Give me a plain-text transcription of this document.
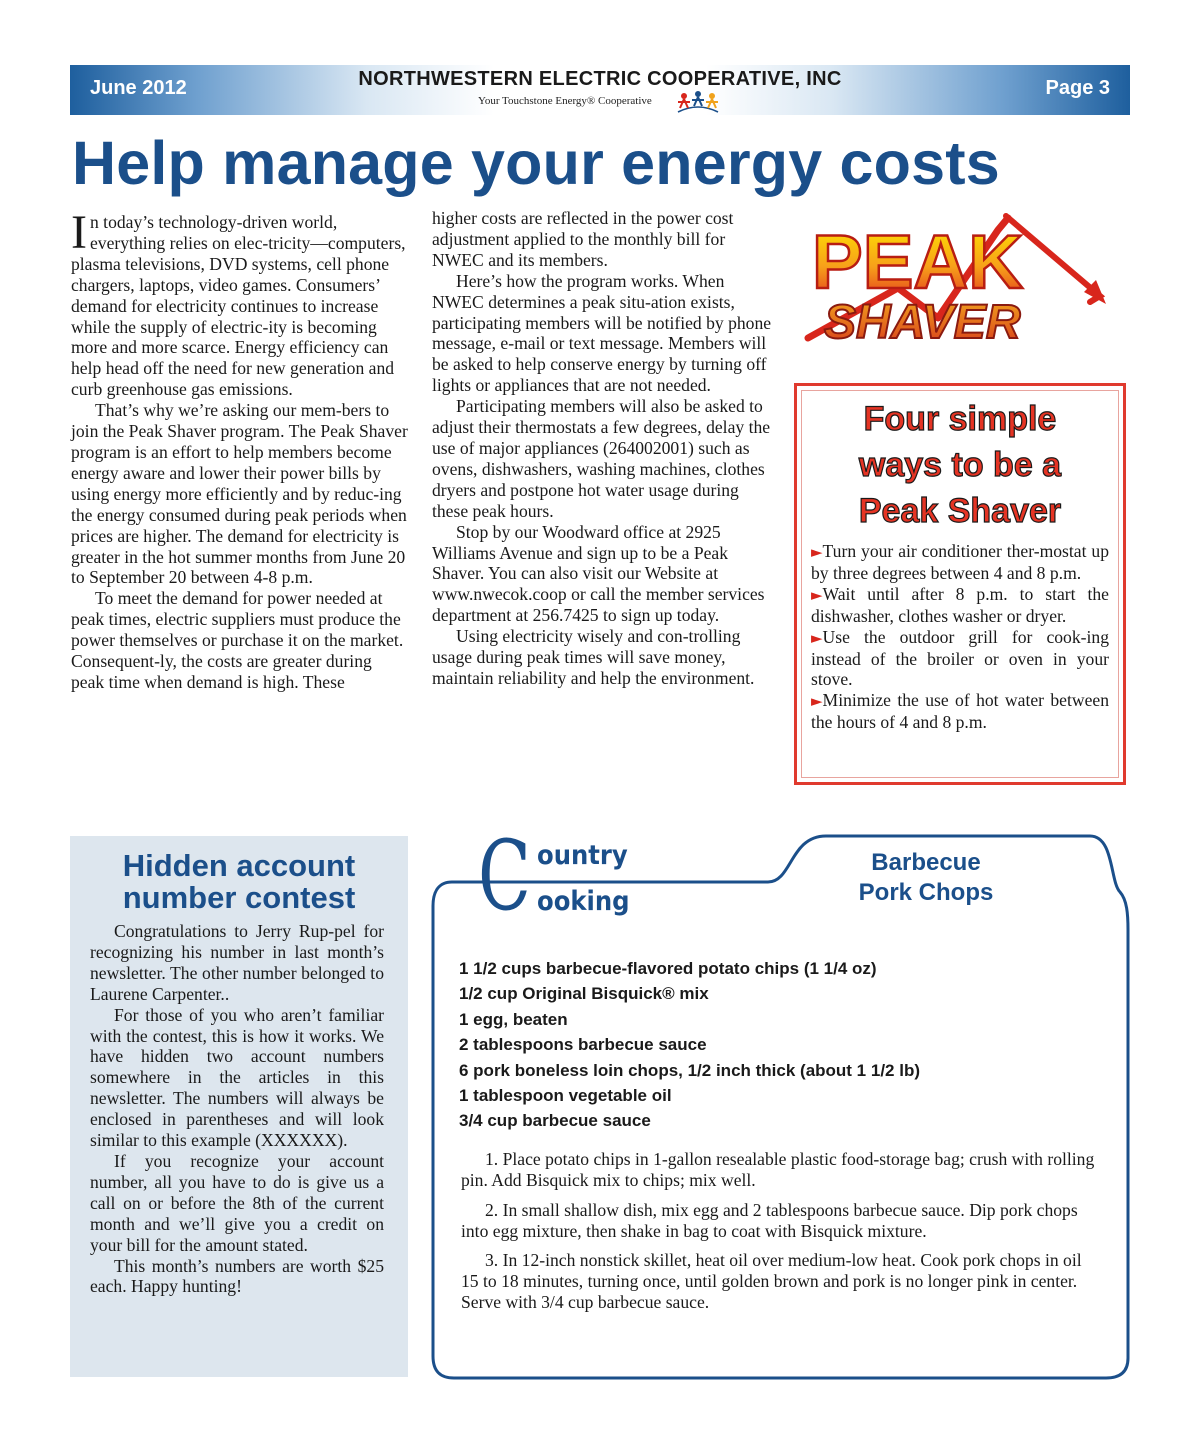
June 2012	NORTHWESTERN ELECTRIC COOPERATIVE, INC
Your Touchstone Energy® Cooperative
Page 3
Help manage your energy costs
I n today’s technology-driven world, everything relies on elec-tricity—computers, plasma televisions, DVD systems, cell phone chargers, laptops, video games. Consumers’ demand for electricity continues to increase while the supply of electric-ity is becoming more and more scarce. Energy efficiency can help head off the need for new generation and curb greenhouse gas emissions.

That’s why we’re asking our mem-bers to join the Peak Shaver program. The Peak Shaver program is an effort to help members become energy aware and lower their power bills by using energy more efficiently and by reduc-ing the energy consumed during peak periods when prices are higher. The demand for electricity is greater in the hot summer months from June 20 to September 20 between 4-8 p.m.

To meet the demand for power needed at peak times, electric suppliers must produce the power themselves or purchase it on the market. Consequent-ly, the costs are greater during peak time when demand is high. These

higher costs are reflected in the power cost adjustment applied to the monthly bill for NWEC and its members.

Here’s how the program works. When NWEC determines a peak situ-ation exists, participating members will be notified by phone message, e-mail or text message. Members will be asked to help conserve energy by turning off lights or appliances that are not needed.

Participating members will also be asked to adjust their thermostats a few degrees, delay the use of major appliances (264002001) such as ovens, dishwashers, washing machines, clothes dryers and postpone hot water usage during these peak hours.

Stop by our Woodward office at 2925 Williams Avenue and sign up to be a Peak Shaver. You can also visit our Website at www.nwecok.coop or call the member services department at 256.7425 to sign up today.

Using electricity wisely and con-trolling usage during peak times will save money, maintain reliability and help the environment.

PEAK
SHAVER
Four simple
ways to be a
Peak Shaver

►Turn your air conditioner ther-mostat up by three degrees between 4 and 8 p.m.

►Wait until after 8 p.m. to start the dishwasher, clothes washer or dryer.

►Use the outdoor grill for cook-ing instead of the broiler or oven in your stove.

►Minimize the use of hot water between the hours of 4 and 8 p.m.

Hidden account
number contest

Congratulations to Jerry Rup-pel for recognizing his number in last month’s newsletter. The other number belonged to Laurene Carpenter..

For those of you who aren’t familiar with the contest, this is how it works. We have hidden two account numbers somewhere in the articles in this newsletter. The numbers will always be enclosed in parentheses and will look similar to this example (XXXXXX).

If you recognize your account number, all you have to do is give us a call on or before the 8th of the current month and we’ll give you a credit on your bill for the amount stated.

This month’s numbers are worth $25 each. Happy hunting!

C ountry
ooking
Barbecue
Pork Chops
1 1/2 cups barbecue-flavored potato chips (1 1/4 oz)
1/2 cup Original Bisquick® mix
1 egg, beaten
2 tablespoons barbecue sauce
6 pork boneless loin chops, 1/2 inch thick (about 1 1/2 lb)
1 tablespoon vegetable oil
3/4 cup barbecue sauce

1. Place potato chips in 1-gallon resealable plastic food-storage bag; crush with rolling pin. Add Bisquick mix to chips; mix well.

2. In small shallow dish, mix egg and 2 tablespoons barbecue sauce. Dip pork chops into egg mixture, then shake in bag to coat with Bisquick mixture.

3. In 12-inch nonstick skillet, heat oil over medium-low heat. Cook pork chops in oil 15 to 18 minutes, turning once, until golden brown and pork is no longer pink in center. Serve with 3/4 cup barbecue sauce.
